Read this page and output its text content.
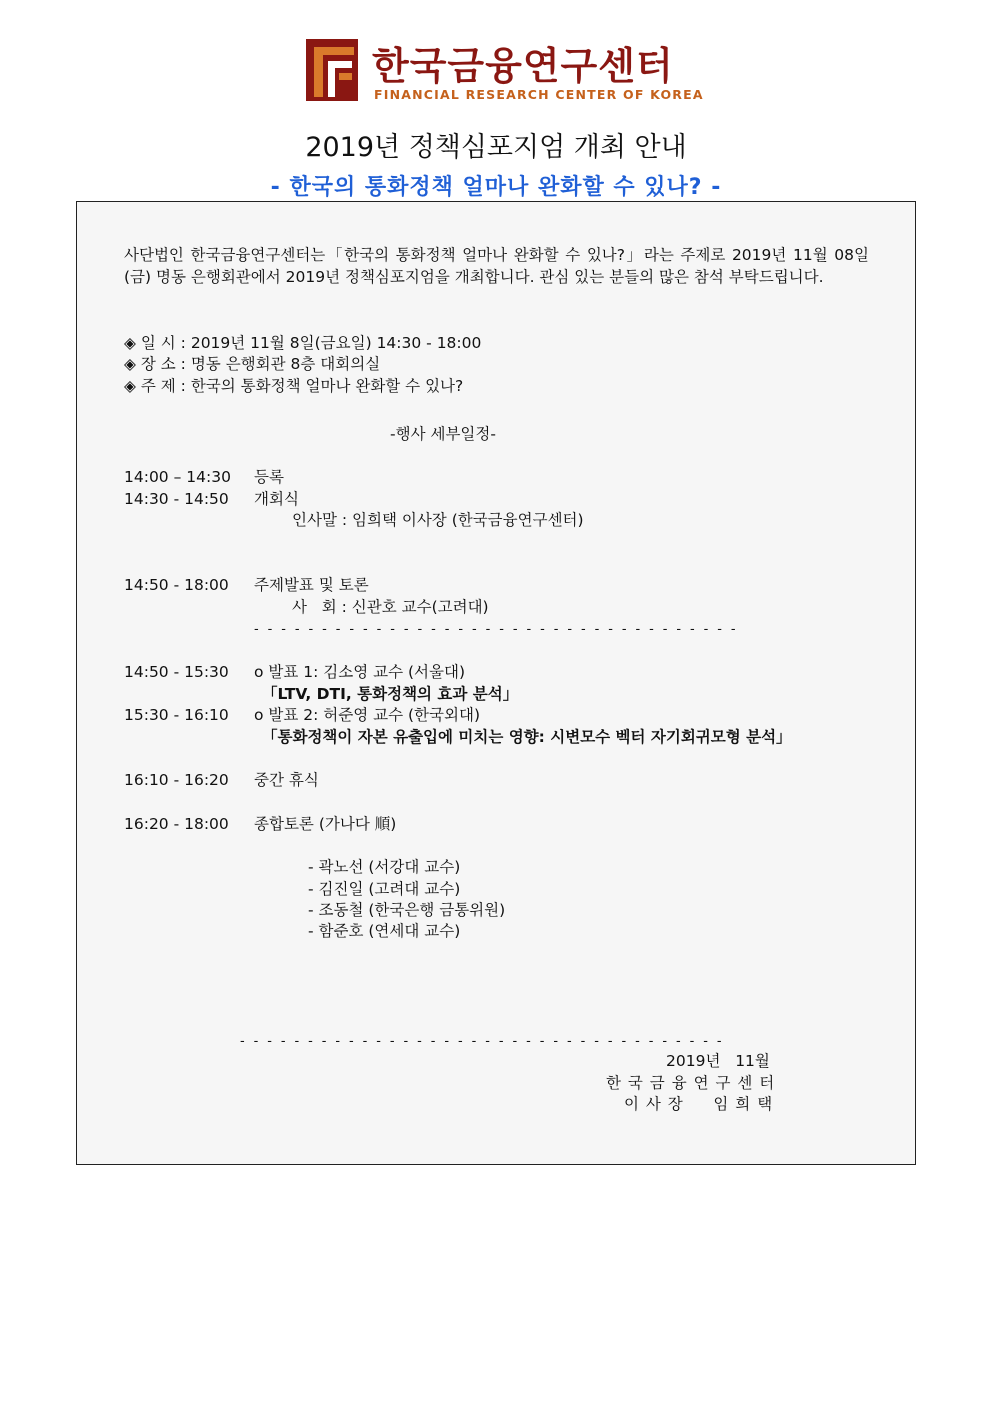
한국금융연구센터
FINANCIAL RESEARCH CENTER OF KOREA
2019년 정책심포지엄 개최 안내
- 한국의 통화정책 얼마나 완화할 수 있나? -
사단법인 한국금융연구센터는「한국의 통화정책 얼마나 완화할 수 있나?」라는 주제로 2019년 11월 08일(금) 명동 은행회관에서 2019년 정책심포지엄을 개최합니다. 관심 있는 분들의 많은 참석 부탁드립니다.
◈ 일 시 : 2019년 11월 8일(금요일) 14:30 - 18:00
◈ 장 소 : 명동 은행회관 8층 대회의실
◈ 주 제 : 한국의 통화정책 얼마나 완화할 수 있나?
-행사 세부일정-
14:00 – 14:30 등록
14:30 - 14:50 개회식
인사말 : 임희택 이사장 (한국금융연구센터)
14:50 - 18:00 주제발표 및 토론
사   회 : 신관호 교수(고려대)
- - - - - - - - - - - - - - - - - - - - - - - - - - - - - - - - - - - -
14:50 - 15:30 o 발표 1: 김소영 교수 (서울대)
「LTV, DTI, 통화정책의 효과 분석」
15:30 - 16:10 o 발표 2: 허준영 교수 (한국외대)
「통화정책이 자본 유출입에 미치는 영향: 시변모수 벡터 자기회귀모형 분석」
16:10 - 16:20 중간 휴식
16:20 - 18:00 종합토론 (가나다 順)
- 곽노선 (서강대 교수)
- 김진일 (고려대 교수)
- 조동철 (한국은행 금통위원)
- 함준호 (연세대 교수)
- - - - - - - - - - - - - - - - - - - - - - - - - - - - - - - - - - - -
2019년   11월
한 국 금 융 연 구 센 터
이 사 장     임 희 택
